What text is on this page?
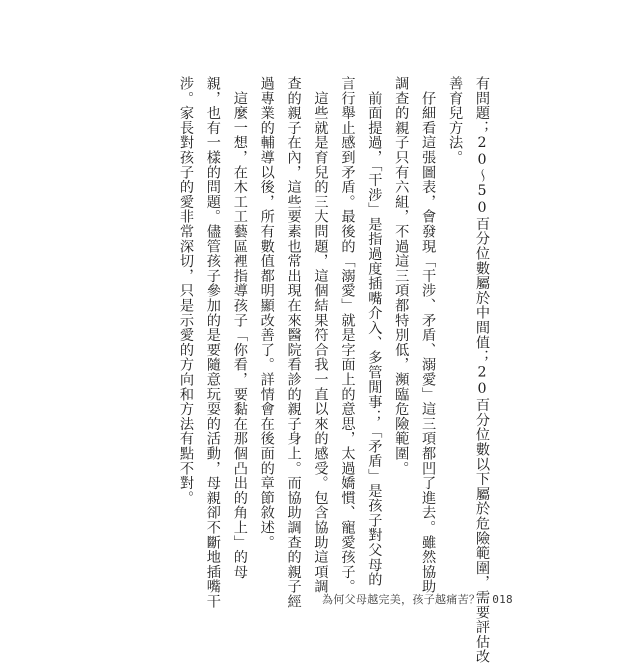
有問題；20～50百分位數屬於中間值；20百分位數以下屬於危險範圍，需要評估改
善育兒方法。
　仔細看這張圖表，會發現「干涉、矛盾、溺愛」這三項都凹了進去。雖然協助
調查的親子只有六組，不過這三項都特別低，瀕臨危險範圍。
　前面提過，「干涉」是指過度插嘴介入、多管閒事；「矛盾」是孩子對父母的
言行舉止感到矛盾。最後的「溺愛」就是字面上的意思，太過嬌慣、寵愛孩子。
　這些就是育兒的三大問題，這個結果符合我一直以來的感受。包含協助這項調
查的親子在內，這些要素也常出現在來醫院看診的親子身上。而協助調查的親子經
過專業的輔導以後，所有數值都明顯改善了。詳情會在後面的章節敘述。
　這麼一想，在木工工藝區裡指導孩子「你看，要黏在那個凸出的角上」的母
親，也有一樣的問題。儘管孩子參加的是要隨意玩耍的活動，母親卻不斷地插嘴干
涉。家長對孩子的愛非常深切，只是示愛的方向和方法有點不對。
為何父母越完美，孩子越痛苦？ 018
